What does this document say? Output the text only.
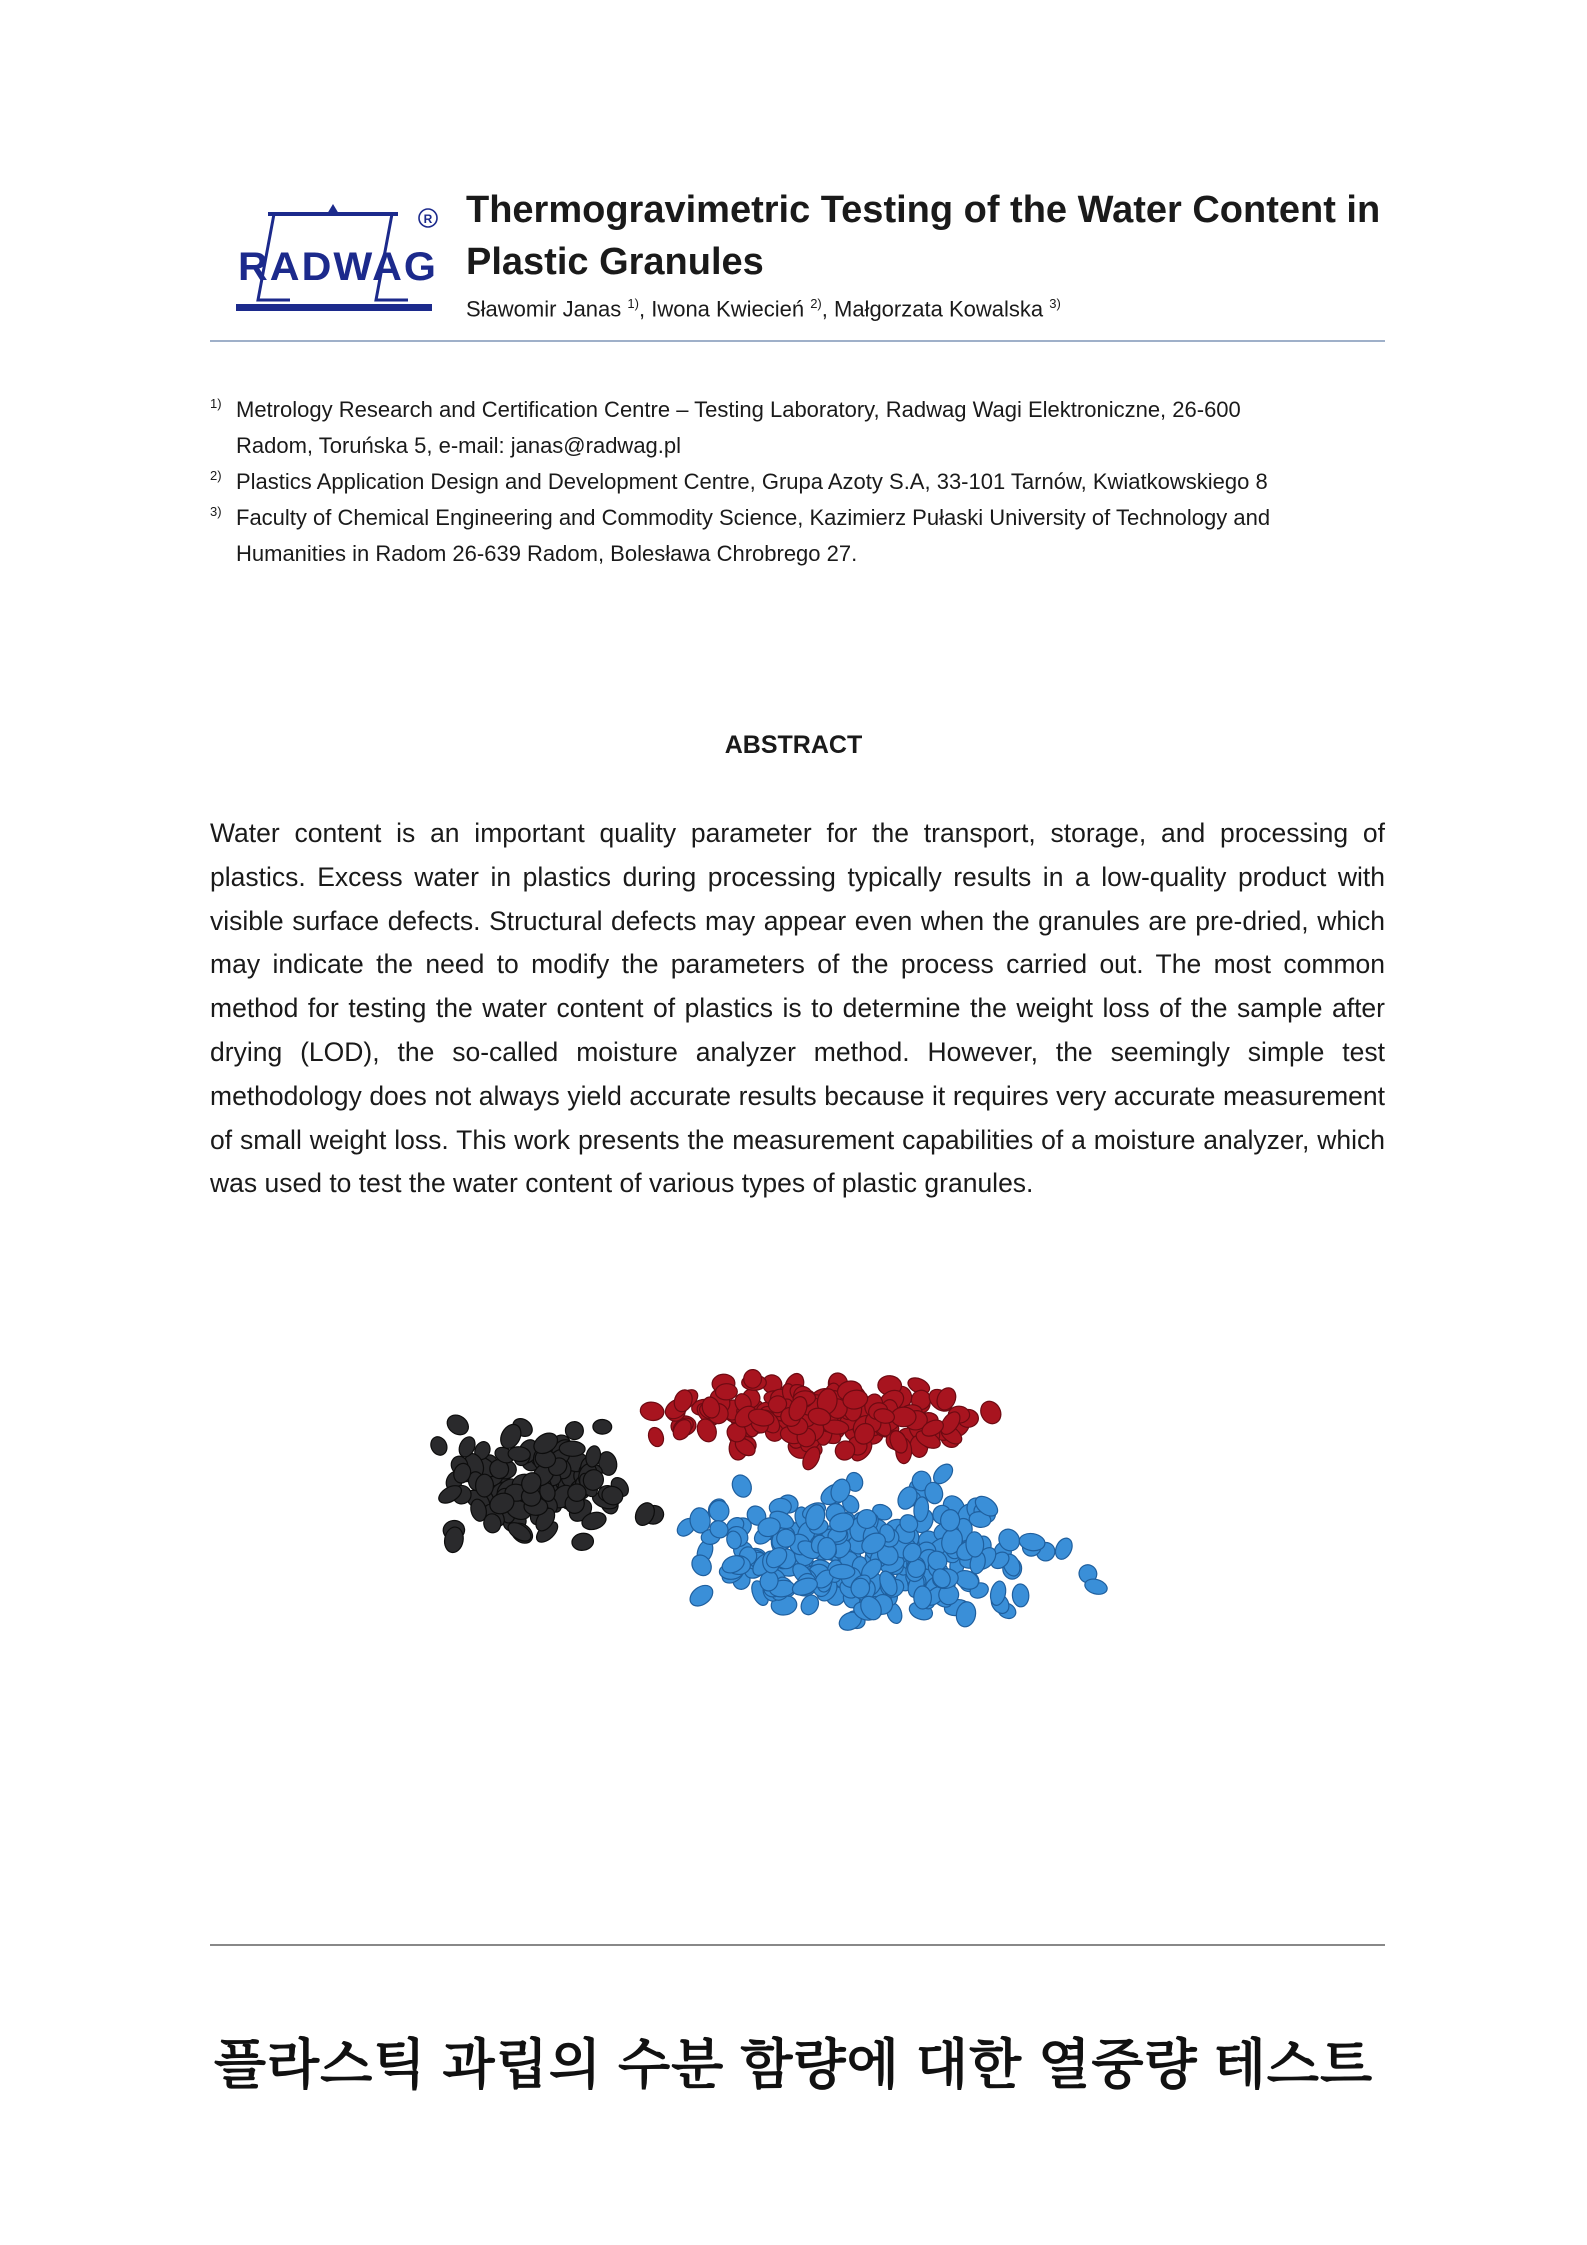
R
RADWAG
Thermogravimetric Testing of the Water Content in
Plastic Granules
Sławomir Janas $^{1)}$, Iwona Kwiecień $^{2)}$, Małgorzata Kowalska $^{3)}$
1) Metrology Research and Certification Centre – Testing Laboratory, Radwag Wagi Elektroniczne, 26-600
Radom, Toruńska 5, e-mail: janas@radwag.pl
2) Plastics Application Design and Development Centre, Grupa Azoty S.A, 33-101 Tarnów, Kwiatkowskiego 8
3) Faculty of Chemical Engineering and Commodity Science, Kazimierz Pułaski University of Technology and
Humanities in Radom 26-639 Radom, Bolesława Chrobrego 27.
ABSTRACT
Water content is an important quality parameter for the transport, storage, and processing of plastics. Excess water in plastics during processing typically results in a low-quality product with visible surface defects. Structural defects may appear even when the granules are pre-dried, which may indicate the need to modify the parameters of the process carried out. The most common method for testing the water content of plastics is to determine the weight loss of the sample after drying (LOD), the so-called moisture analyzer method. However, the seemingly simple test methodology does not always yield accurate results because it requires very accurate measurement of small weight loss. This work presents the measurement capabilities of a moisture analyzer, which was used to test the water content of various types of plastic granules.
플라스틱 과립의 수분 함량에 대한 열중량 테스트
